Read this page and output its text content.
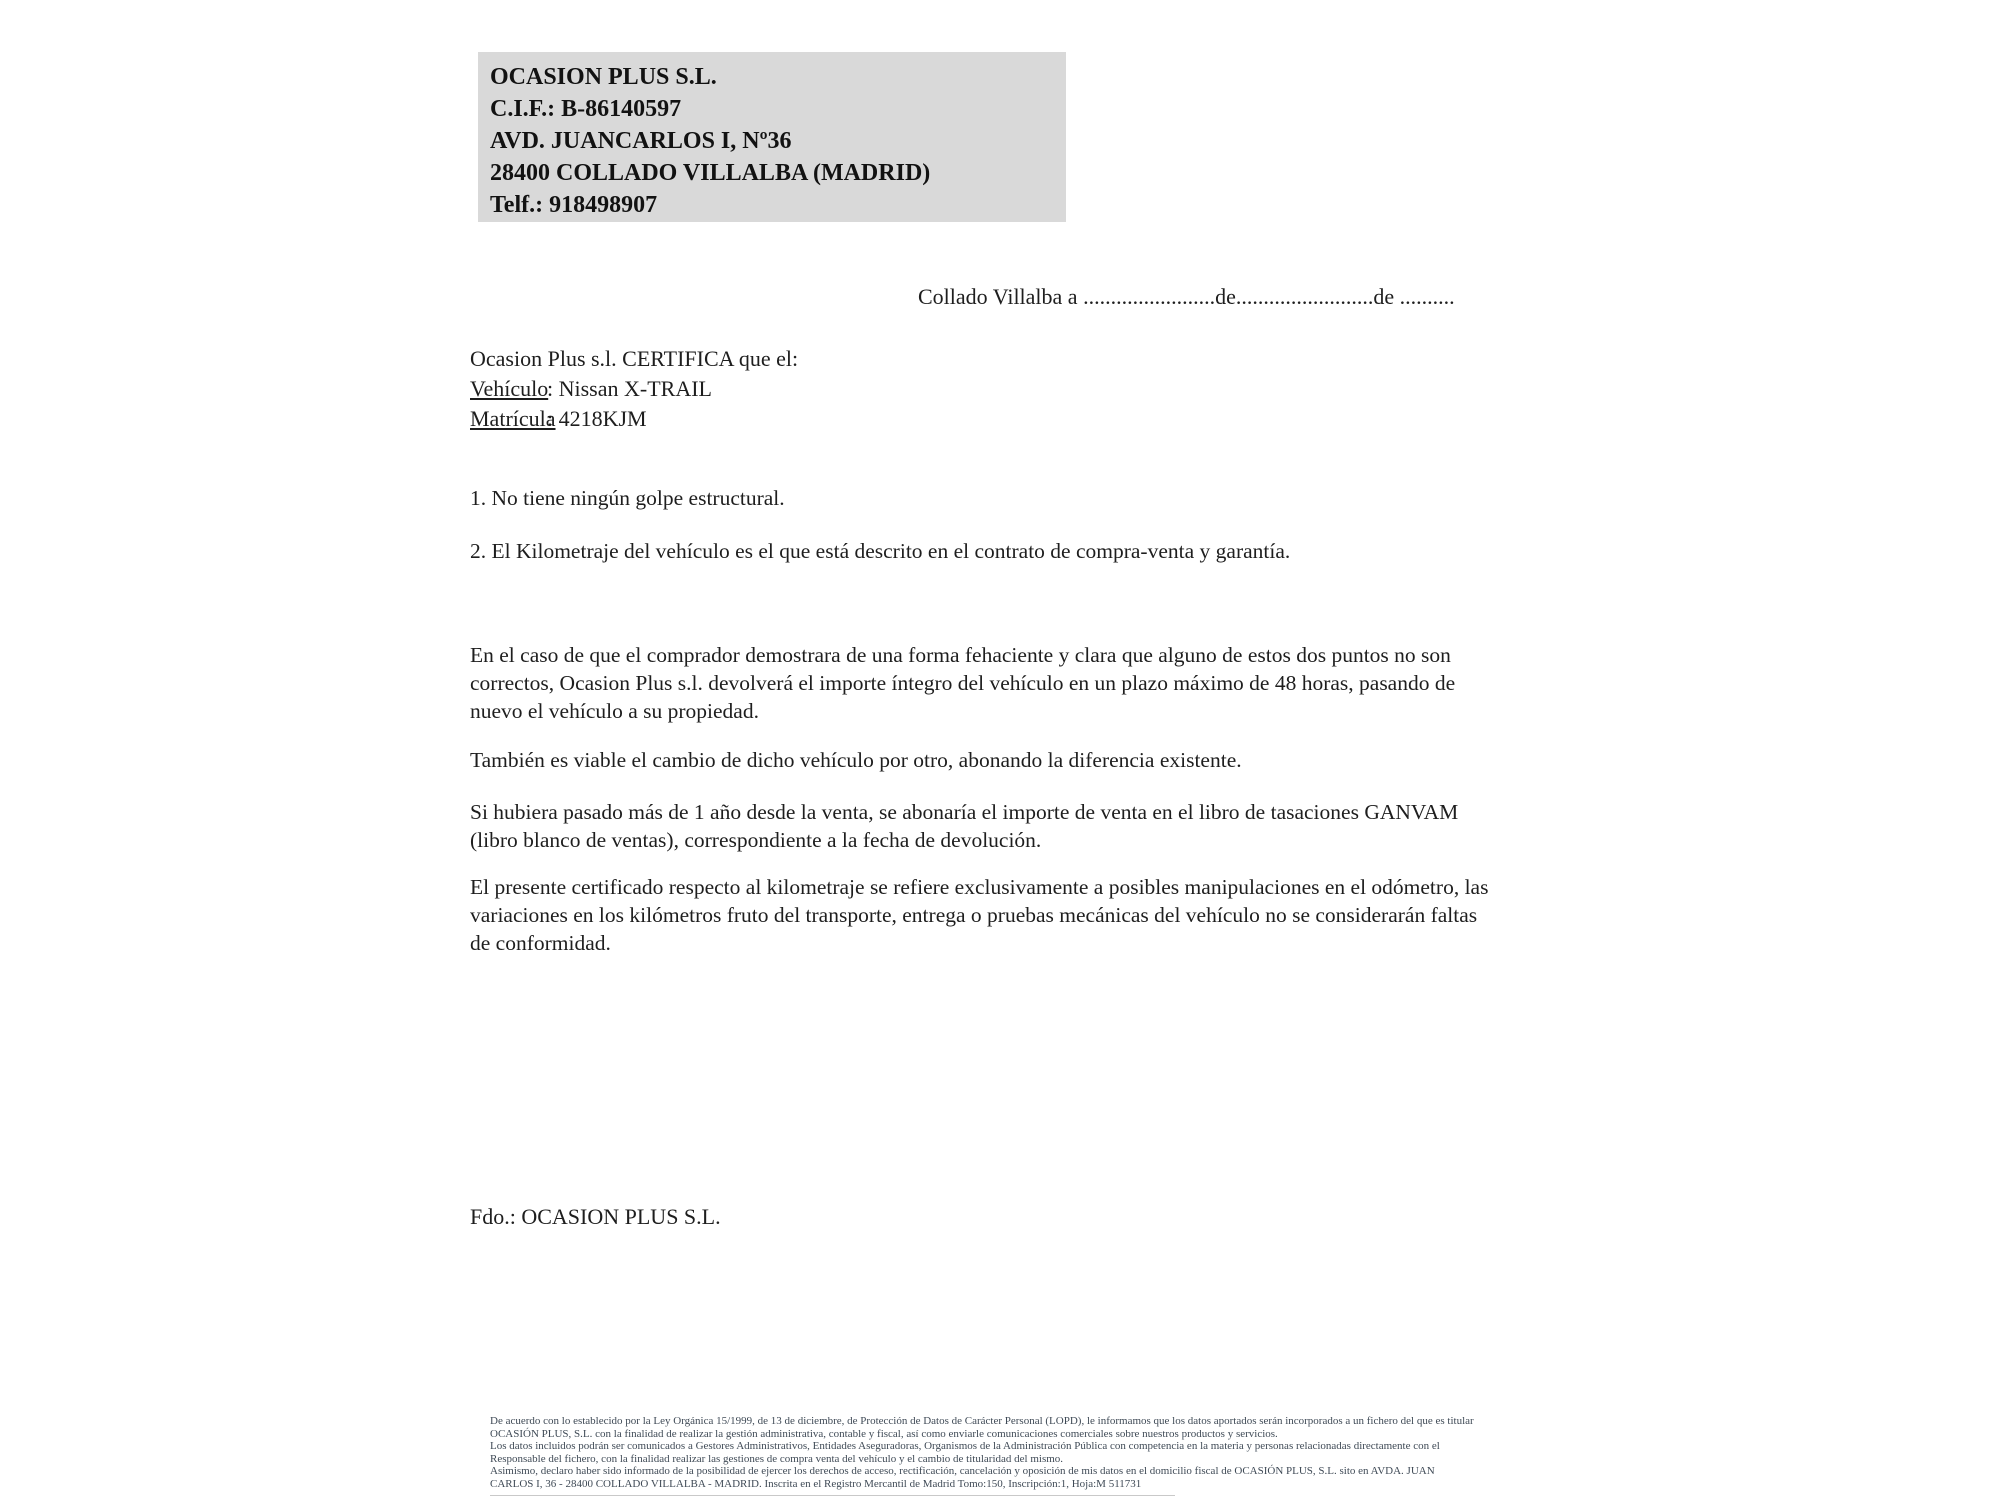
OCASION PLUS S.L.
C.I.F.: B-86140597
AVD. JUANCARLOS I, Nº36
28400 COLLADO VILLALBA (MADRID)
Telf.: 918498907
Collado Villalba a ........................de.........................de ..........
Ocasion Plus s.l. CERTIFICA que el:
Vehículo: Nissan X-TRAIL
Matrícula: 4218KJM
1. No tiene ningún golpe estructural.
2. El Kilometraje del vehículo es el que está descrito en el contrato de compra-venta y garantía.
En el caso de que el comprador demostrara de una forma fehaciente y clara que alguno de estos dos puntos no son correctos, Ocasion Plus s.l. devolverá el importe íntegro del vehículo en un plazo máximo de 48 horas, pasando de nuevo el vehículo a su propiedad.
También es viable el cambio de dicho vehículo por otro, abonando la diferencia existente.
Si hubiera pasado más de 1 año desde la venta, se abonaría el importe de venta en el libro de tasaciones GANVAM (libro blanco de ventas), correspondiente a la fecha de devolución.
El presente certificado respecto al kilometraje se refiere exclusivamente a posibles manipulaciones en el odómetro, las variaciones en los kilómetros fruto del transporte, entrega o pruebas mecánicas del vehículo no se considerarán faltas de conformidad.
Fdo.: OCASION PLUS S.L.
De acuerdo con lo establecido por la Ley Orgánica 15/1999, de 13 de diciembre, de Protección de Datos de Carácter Personal (LOPD), le informamos que los datos aportados serán incorporados a un fichero del que es titular
OCASIÓN PLUS, S.L. con la finalidad de realizar la gestión administrativa, contable y fiscal, así como enviarle comunicaciones comerciales sobre nuestros productos y servicios.
Los datos incluidos podrán ser comunicados a Gestores Administrativos, Entidades Aseguradoras, Organismos de la Administración Pública con competencia en la materia y personas relacionadas directamente con el
Responsable del fichero, con la finalidad realizar las gestiones de compra venta del vehículo y el cambio de titularidad del mismo.
Asimismo, declaro haber sido informado de la posibilidad de ejercer los derechos de acceso, rectificación, cancelación y oposición de mis datos en el domicilio fiscal de OCASIÓN PLUS, S.L. sito en AVDA. JUAN
CARLOS I, 36 - 28400 COLLADO VILLALBA - MADRID. Inscrita en el Registro Mercantil de Madrid Tomo:150, Inscripción:1, Hoja:M 511731
